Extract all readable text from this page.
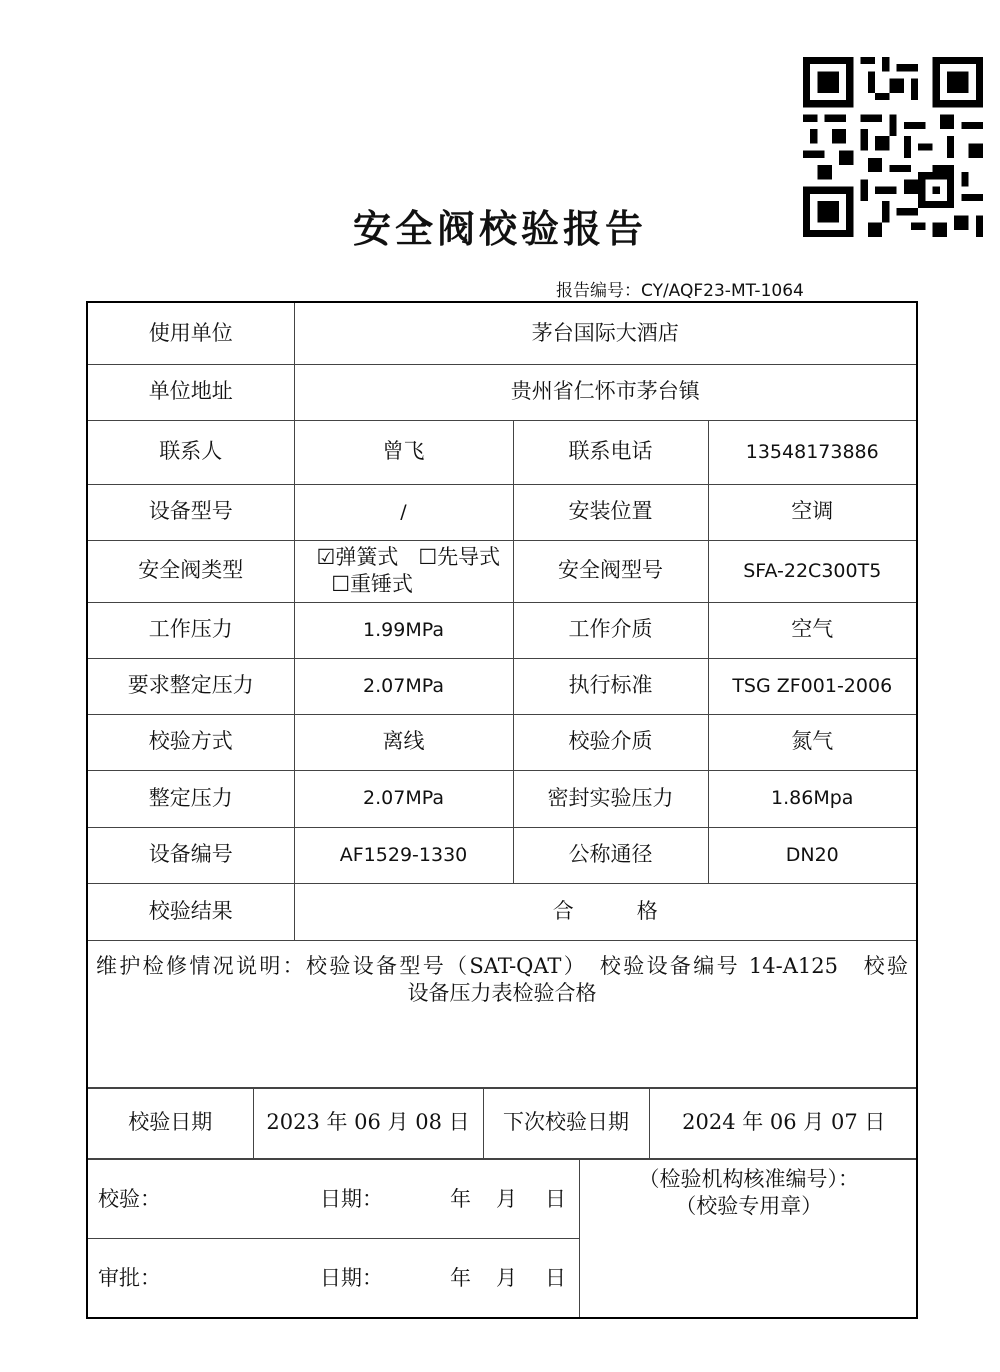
安全阀校验报告
报告编号：CY/AQF23-MT-1064
使用单位	茅台国际大酒店
单位地址	贵州省仁怀市茅台镇
联系人	曾飞	联系电话	13548173886
设备型号	/	安装位置	空调
安全阀类型	☑弹簧式 ☐先导式     ☐重锤式	安全阀型号	SFA-22C300T5
工作压力	1.99MPa	工作介质	空气
要求整定压力	2.07MPa	执行标准	TSG ZF001-2006
校验方式	离线	校验介质	氮气
整定压力	2.07MPa	密封实验压力	1.86Mpa
设备编号	AF1529-1330	公称通径	DN20
校验结果	合　　　格

维护检修情况说明：校验设备型号（SAT-QAT）　校验设备编号 14-A125　校验
设备压力表检验合格

校验日期	2023 年 06 月 08 日	下次校验日期	2024 年 06 月 07 日

校验：	日期：	年 月 日

（检验机构核准编号）：
（校验专用章）

审批：	日期：	年 月 日
